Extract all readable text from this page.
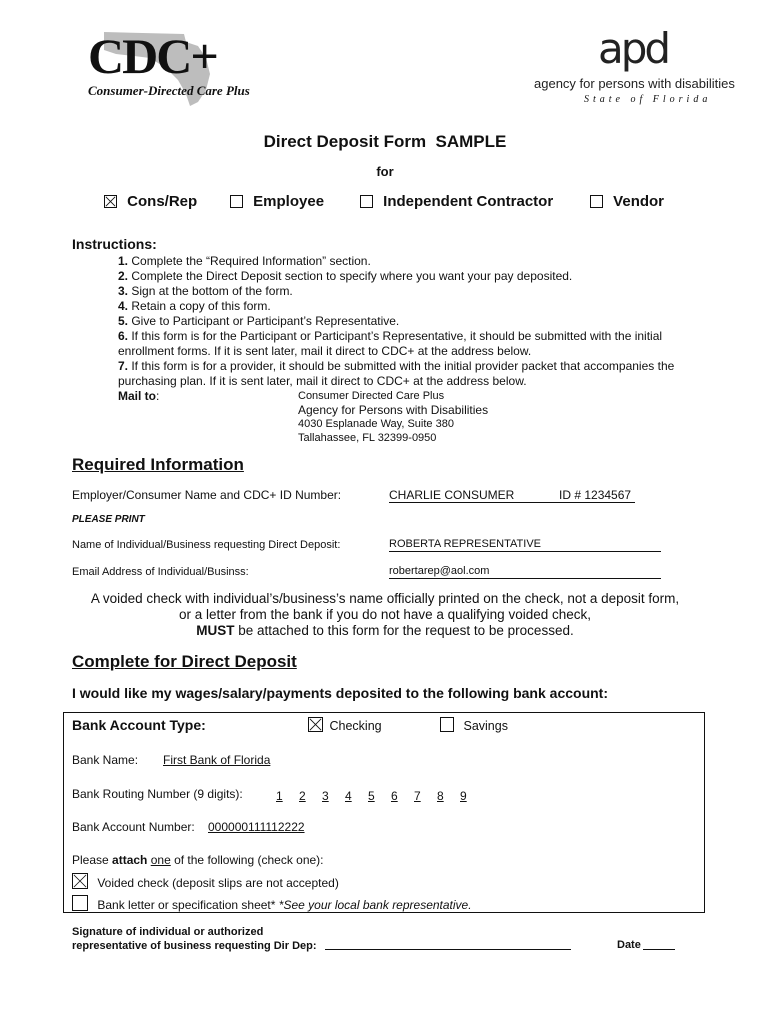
CDC+
Consumer-Directed Care Plus
apd
agency for persons with disabilities
State of Florida
Direct Deposit Form  SAMPLE
for
Cons/Rep	Employee	Independent Contractor	Vendor
Instructions:
1. Complete the “Required Information” section.
2. Complete the Direct Deposit section to specify where you want your pay deposited.
3. Sign at the bottom of the form.
4. Retain a copy of this form.
5. Give to Participant or Participant’s Representative.
6. If this form is for the Participant or Participant’s Representative, it should be submitted with the initial enrollment forms. If it is sent later, mail it direct to CDC+ at the address below.
7. If this form is for a provider, it should be submitted with the initial provider packet that accompanies the purchasing plan. If it is sent later, mail it direct to CDC+ at the address below.
Mail to:	Consumer Directed Care Plus
Agency for Persons with Disabilities
4030 Esplanade Way, Suite 380
Tallahassee, FL 32399-0950
Required Information
Employer/Consumer Name and CDC+ ID Number:	CHARLIE CONSUMER	ID # 1234567
PLEASE PRINT
Name of Individual/Business requesting Direct Deposit:	ROBERTA REPRESENTATIVE
Email Address of Individual/Businss:	robertarep@aol.com
A voided check with individual’s/business’s name officially printed on the check, not a deposit form,
or a letter from the bank if you do not have a qualifying voided check,
MUST be attached to this form for the request to be processed.
Complete for Direct Deposit
I would like my wages/salary/payments deposited to the following bank account:
Bank Account Type:	Checking	Savings
Bank Name: First Bank of Florida
Bank Routing Number (9 digits):	1 2 3 4 5 6 7 8 9
Bank Account Number: 000000111112222
Please attach one of the following (check one):
Voided check (deposit slips are not accepted)
Bank letter or specification sheet* *See your local bank representative.
Signature of individual or authorized
representative of business requesting Dir Dep:	Date
